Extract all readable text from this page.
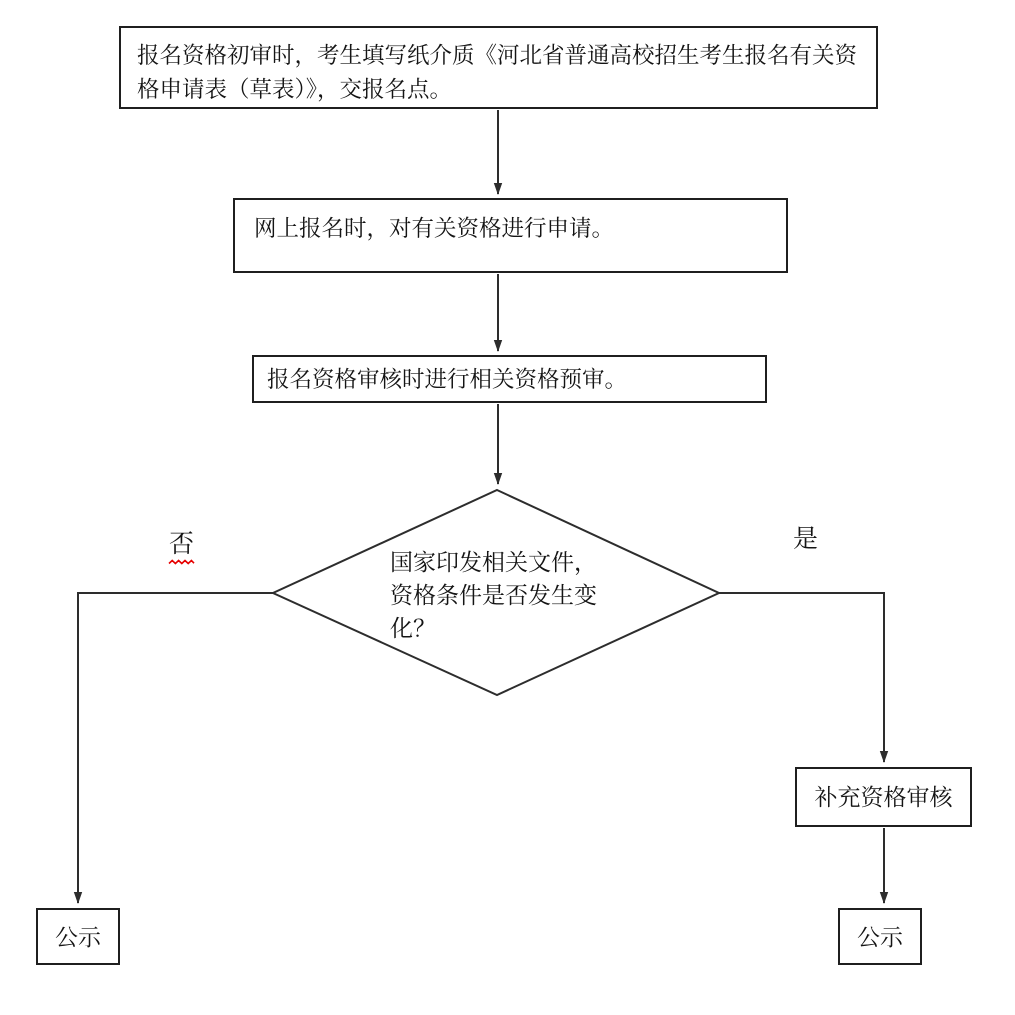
报名资格初审时，考生填写纸介质《河北省普通高校招生考生报名有关资格申请表（草表）》，交报名点。
网上报名时，对有关资格进行申请。
报名资格审核时进行相关资格预审。
国家印发相关文件，
资格条件是否发生变
化？
否	是
补充资格审核
公示	公示
